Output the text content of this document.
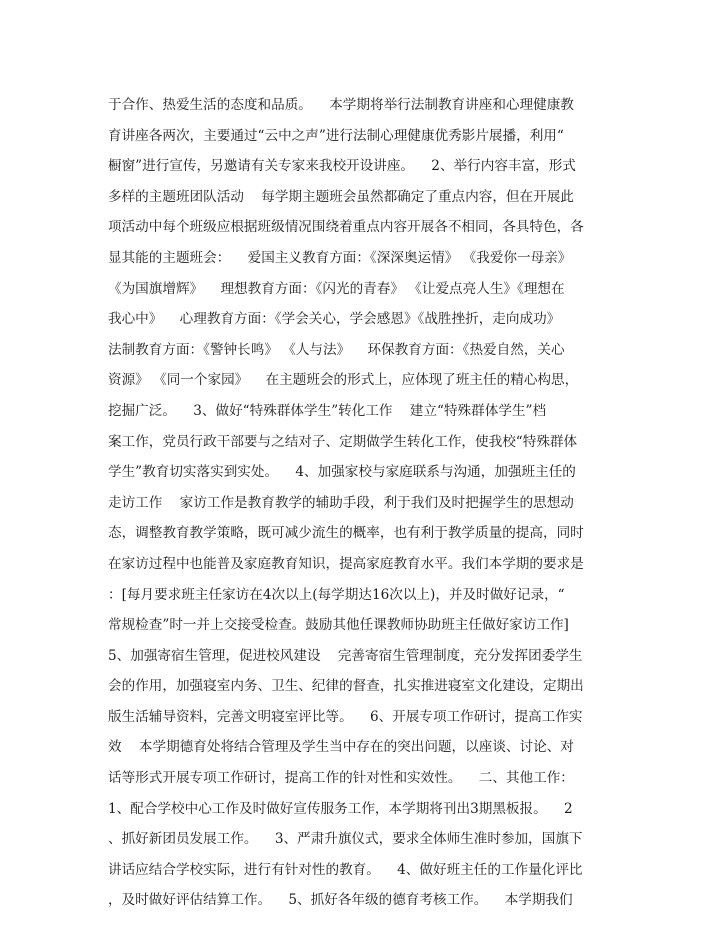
于合作、热爱生活的态度和品质。    本学期将举行法制教育讲座和心理健康教
育讲座各两次，主要通过“云中之声”进行法制心理健康优秀影片展播，利用“
橱窗”进行宣传，另邀请有关专家来我校开设讲座。    2、举行内容丰富，形式
多样的主题班团队活动    每学期主题班会虽然都确定了重点内容，但在开展此
项活动中每个班级应根据班级情况围绕着重点内容开展各不相同，各具特色，各
显其能的主题班会：    爱国主义教育方面：《深深奥运情》 《我爱你一母亲》
《为国旗增辉》    理想教育方面：《闪光的青春》 《让爱点亮人生》《理想在
我心中》    心理教育方面：《学会关心，学会感恩》《战胜挫折，走向成功》
法制教育方面：《警钟长鸣》 《人与法》    环保教育方面：《热爱自然，关心
资源》 《同一个家园》    在主题班会的形式上，应体现了班主任的精心构思，
挖掘广泛。    3、做好“特殊群体学生”转化工作    建立“特殊群体学生”档
案工作，党员行政干部要与之结对子、定期做学生转化工作，使我校“特殊群体
学生”教育切实落实到实处。    4、加强家校与家庭联系与沟通，加强班主任的
走访工作    家访工作是教育教学的辅助手段，利于我们及时把握学生的思想动
态，调整教育教学策略，既可减少流生的概率，也有利于教学质量的提高，同时
在家访过程中也能普及家庭教育知识，提高家庭教育水平。我们本学期的要求是
：[每月要求班主任家访在4次以上(每学期达16次以上)，并及时做好记录，“
常规检查”时一并上交接受检查。鼓励其他任课教师协助班主任做好家访工作]
5、加强寄宿生管理，促进校风建设    完善寄宿生管理制度，充分发挥团委学生
会的作用，加强寝室内务、卫生、纪律的督查，扎实推进寝室文化建设，定期出
版生活辅导资料，完善文明寝室评比等。    6、开展专项工作研讨，提高工作实
效    本学期德育处将结合管理及学生当中存在的突出问题，以座谈、讨论、对
话等形式开展专项工作研讨，提高工作的针对性和实效性。    二、其他工作：
1、配合学校中心工作及时做好宣传服务工作，本学期将刊出3期黑板报。    2
、抓好新团员发展工作。    3、严肃升旗仪式，要求全体师生准时参加，国旗下
讲话应结合学校实际，进行有针对性的教育。    4、做好班主任的工作量化评比
，及时做好评估结算工作。    5、抓好各年级的德育考核工作。    本学期我们
